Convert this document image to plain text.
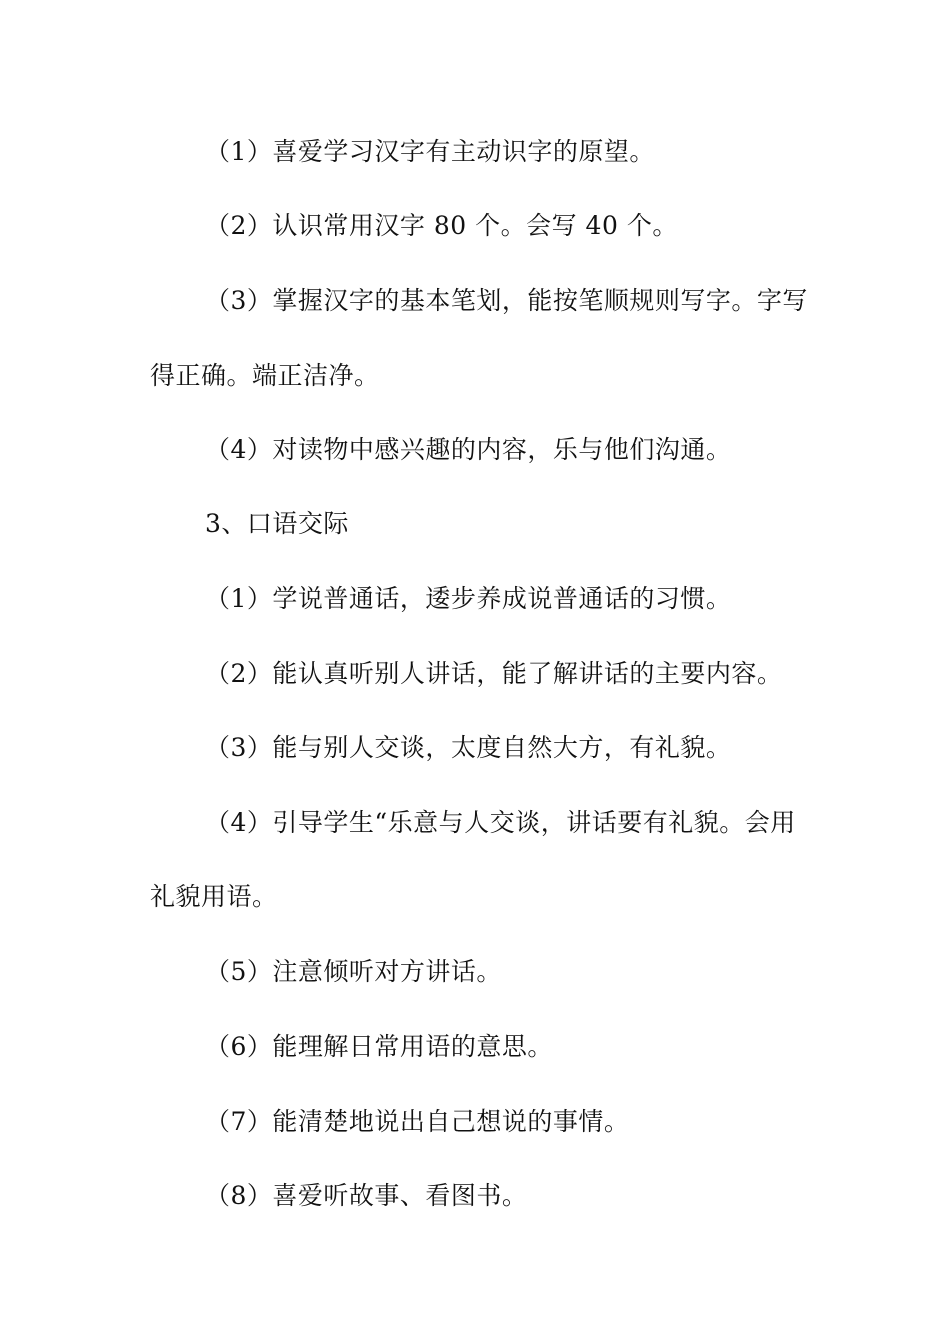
（1）喜爱学习汉字有主动识字的原望。
（2）认识常用汉字 80 个。会写 40 个。
（3）掌握汉字的基本笔划，能按笔顺规则写字。字写
得正确。端正洁净。
（4）对读物中感兴趣的内容，乐与他们沟通。
3、口语交际
（1）学说普通话，逶步养成说普通话的习惯。
（2）能认真听别人讲话，能了解讲话的主要内容。
（3）能与别人交谈，太度自然大方，有礼貌。
（4）引导学生“乐意与人交谈，讲话要有礼貌。会用
礼貌用语。
（5）注意倾听对方讲话。
（6）能理解日常用语的意思。
（7）能清楚地说出自己想说的事情。
（8）喜爱听故事、看图书。
